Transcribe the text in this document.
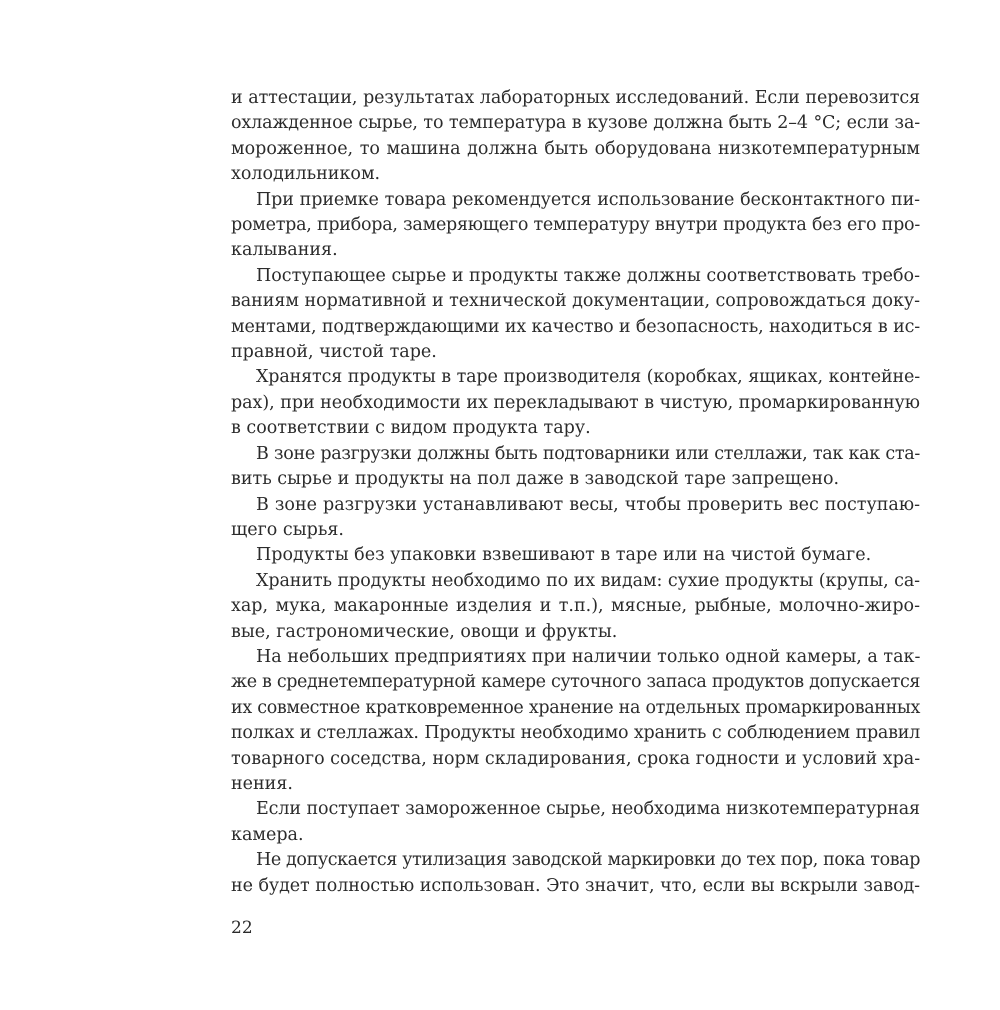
и аттестации, результатах лабораторных исследований. Если перевозится
охлажденное сырье, то температура в кузове должна быть 2–4 °C; если за-
мороженное, то машина должна быть оборудована низкотемпературным
холодильником.
При приемке товара рекомендуется использование бесконтактного пи-
рометра, прибора, замеряющего температуру внутри продукта без его про-
калывания.
Поступающее сырье и продукты также должны соответствовать требо-
ваниям нормативной и технической документации, сопровождаться доку-
ментами, подтверждающими их качество и безопасность, находиться в ис-
правной, чистой таре.
Хранятся продукты в таре производителя (коробках, ящиках, контейне-
рах), при необходимости их перекладывают в чистую, промаркированную
в соответствии с видом продукта тару.
В зоне разгрузки должны быть подтоварники или стеллажи, так как ста-
вить сырье и продукты на пол даже в заводской таре запрещено.
В зоне разгрузки устанавливают весы, чтобы проверить вес поступаю-
щего сырья.
Продукты без упаковки взвешивают в таре или на чистой бумаге.
Хранить продукты необходимо по их видам: сухие продукты (крупы, са-
хар, мука, макаронные изделия и т.п.), мясные, рыбные, молочно-жиро-
вые, гастрономические, овощи и фрукты.
На небольших предприятиях при наличии только одной камеры, а так-
же в среднетемпературной камере суточного запаса продуктов допускается
их совместное кратковременное хранение на отдельных промаркированных
полках и стеллажах. Продукты необходимо хранить с соблюдением правил
товарного соседства, норм складирования, срока годности и условий хра-
нения.
Если поступает замороженное сырье, необходима низкотемпературная
камера.
Не допускается утилизация заводской маркировки до тех пор, пока товар
не будет полностью использован. Это значит, что, если вы вскрыли завод-
22
